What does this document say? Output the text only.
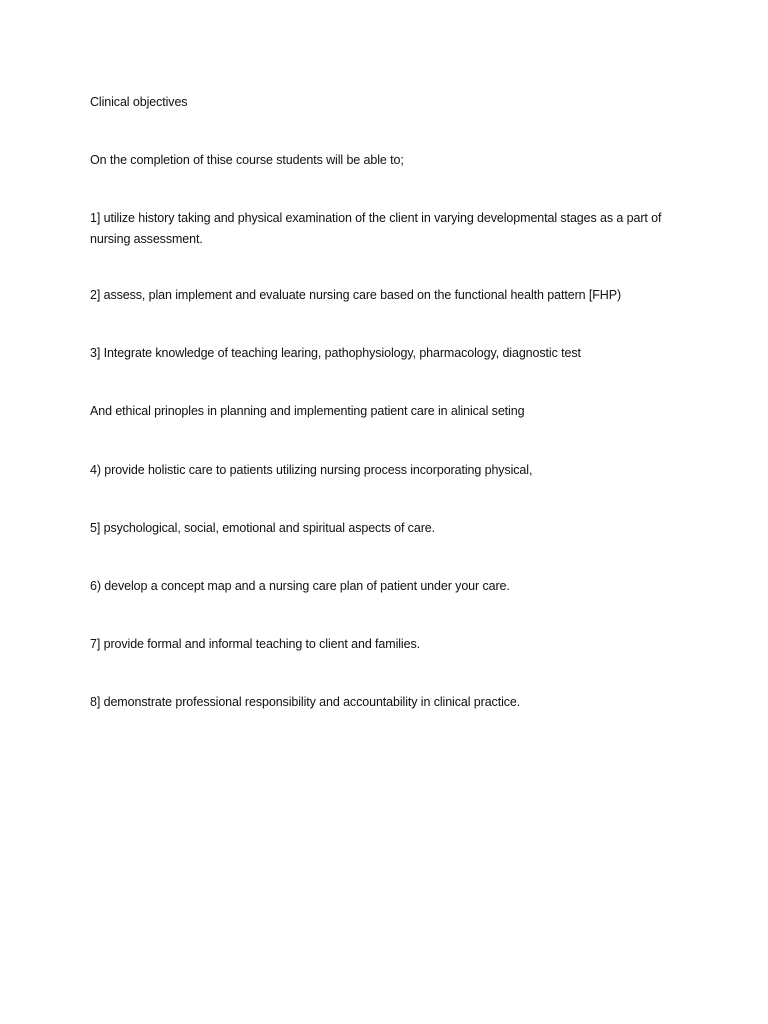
Clinical objectives
On the completion of thise course students will be able to;
1] utilize history taking and physical examination of the client in varying developmental stages as a part of nursing assessment.
2] assess, plan implement and evaluate nursing care based on the functional health pattern [FHP)
3] Integrate knowledge of teaching learing, pathophysiology, pharmacology, diagnostic test
And ethical prinoples in planning and implementing patient care in alinical seting
4) provide holistic care to patients utilizing nursing process incorporating physical,
5] psychological, social, emotional and spiritual aspects of care.
6) develop a concept map and a nursing care plan of patient under your care.
7] provide formal and informal teaching to client and families.
8] demonstrate professional responsibility and accountability in clinical practice.
